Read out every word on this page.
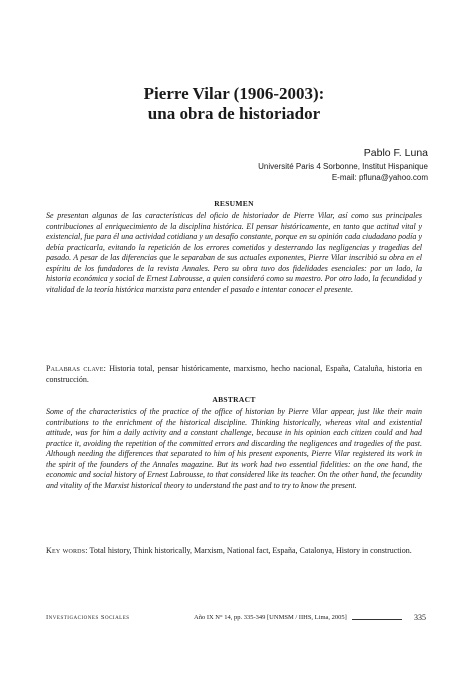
Pierre Vilar (1906-2003):
una obra de historiador
Pablo F. Luna
Université Paris 4 Sorbonne, Institut Hispanique
E-mail: pfluna@yahoo.com
RESUMEN
Se presentan algunas de las características del oficio de historiador de Pierre Vilar, así como sus principales contribuciones al enriquecimiento de la disciplina histórica. El pensar históricamente, en tanto que actitud vital y existencial, fue para él una actividad cotidiana y un desafío constante, porque en su opinión cada ciudadano podía y debía practicarla, evitando la repetición de los errores cometidos y desterrando las negligencias y tragedias del pasado. A pesar de las diferencias que le separaban de sus actuales exponentes, Pierre Vilar inscribió su obra en el espíritu de los fundadores de la revista Annales. Pero su obra tuvo dos fidelidades esenciales: por un lado, la historia económica y social de Ernest Labrousse, a quien consideró como su maestro. Por otro lado, la fecundidad y vitalidad de la teoría histórica marxista para entender el pasado e intentar conocer el presente.
Palabras clave: Historia total, pensar históricamente, marxismo, hecho nacional, España, Cataluña, historia en construcción.
ABSTRACT
Some of the characteristics of the practice of the office of historian by Pierre Vilar appear, just like their main contributions to the enrichment of the historical discipline. Thinking historically, whereas vital and existential attitude, was for him a daily activity and a constant challenge, because in his opinion each citizen could and had practice it, avoiding the repetition of the committed errors and discarding the negligences and tragedies of the past. Although needing the differences that separated to him of his present exponents, Pierre Vilar registered its work in the spirit of the founders of the Annales magazine. But its work had two essential fidelities: on the one hand, the economic and social history of Ernest Labrousse, to that considered like its teacher. On the other hand, the fecundity and vitality of the Marxist historical theory to understand the past and to try to know the present.
Key words: Total history, Think historically, Marxism, National fact, España, Catalonya, History in construction.
Investigaciones Sociales	Año IX N° 14, pp. 335-349 [UNMSM / IIHS, Lima, 2005]	335
